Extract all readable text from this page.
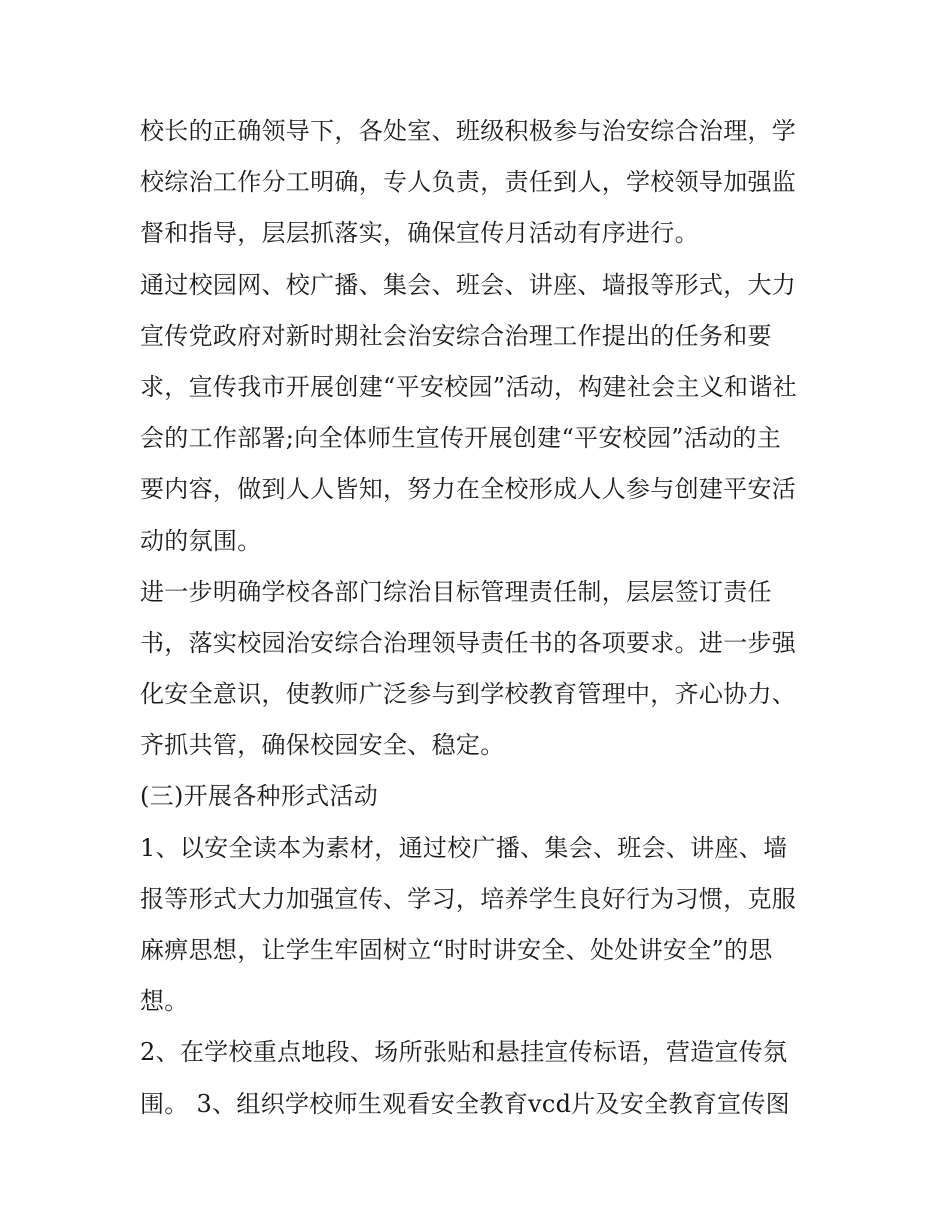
校长的正确领导下，各处室、班级积极参与治安综合治理，学
校综治工作分工明确，专人负责，责任到人，学校领导加强监
督和指导，层层抓落实，确保宣传月活动有序进行。
通过校园网、校广播、集会、班会、讲座、墙报等形式，大力
宣传党政府对新时期社会治安综合治理工作提出的任务和要
求，宣传我市开展创建“平安校园”活动，构建社会主义和谐社
会的工作部署;向全体师生宣传开展创建“平安校园”活动的主
要内容，做到人人皆知，努力在全校形成人人参与创建平安活
动的氛围。
进一步明确学校各部门综治目标管理责任制，层层签订责任
书，落实校园治安综合治理领导责任书的各项要求。进一步强
化安全意识，使教师广泛参与到学校教育管理中，齐心协力、
齐抓共管，确保校园安全、稳定。
(三)开展各种形式活动
1、以安全读本为素材，通过校广播、集会、班会、讲座、墙
报等形式大力加强宣传、学习，培养学生良好行为习惯，克服
麻痹思想，让学生牢固树立“时时讲安全、处处讲安全”的思
想。
2、在学校重点地段、场所张贴和悬挂宣传标语，营造宣传氛
围。 3、组织学校师生观看安全教育vcd片及安全教育宣传图
